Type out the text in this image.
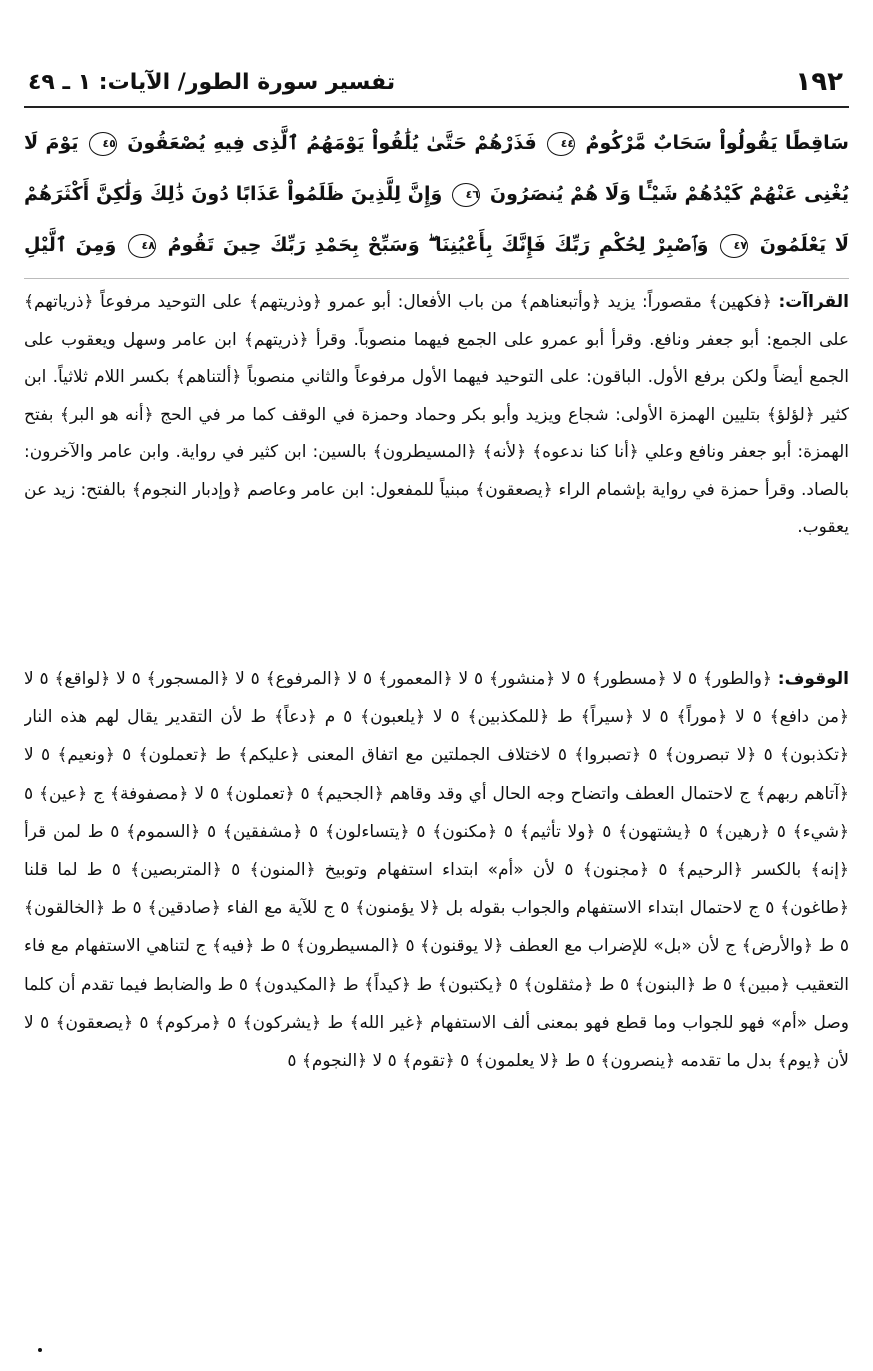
١٩٢
تفسير سورة الطور/ الآيات: ١ ـ ٤٩
سَاقِطًا يَقُولُواْ سَحَابٌ مَّرْكُومٌ ٤٤ فَذَرْهُمْ حَتَّىٰ يُلَٰقُواْ يَوْمَهُمُ ٱلَّذِى فِيهِ يُصْعَقُونَ ٤٥ يَوْمَ لَا يُغْنِى عَنْهُمْ كَيْدُهُمْ شَيْـًٔا وَلَا هُمْ يُنصَرُونَ ٤٦ وَإِنَّ لِلَّذِينَ ظَلَمُواْ عَذَابًا دُونَ ذَٰلِكَ وَلَٰكِنَّ أَكْثَرَهُمْ لَا يَعْلَمُونَ ٤٧ وَٱصْبِرْ لِحُكْمِ رَبِّكَ فَإِنَّكَ بِأَعْيُنِنَا ۖ وَسَبِّحْ بِحَمْدِ رَبِّكَ حِينَ تَقُومُ ٤٨ وَمِنَ ٱلَّيْلِ
القراآت: ﴿فكهين﴾ مقصوراً: يزيد ﴿وأتبعناهم﴾ من باب الأفعال: أبو عمرو ﴿وذريتهم﴾ على التوحيد مرفوعاً ﴿ذرياتهم﴾ على الجمع: أبو جعفر ونافع. وقرأ أبو عمرو على الجمع فيهما منصوباً. وقرأ ﴿ذريتهم﴾ ابن عامر وسهل ويعقوب على الجمع أيضاً ولكن برفع الأول. الباقون: على التوحيد فيهما الأول مرفوعاً والثاني منصوباً ﴿ألتناهم﴾ بكسر اللام ثلاثياً. ابن كثير ﴿لؤلؤ﴾ بتليين الهمزة الأولى: شجاع ويزيد وأبو بكر وحماد وحمزة في الوقف كما مر في الحج ﴿أنه هو البر﴾ بفتح الهمزة: أبو جعفر ونافع وعلي ﴿أنا كنا ندعوه﴾ ﴿لأنه﴾ ﴿المسيطرون﴾ بالسين: ابن كثير في رواية. وابن عامر والآخرون: بالصاد. وقرأ حمزة في رواية بإشمام الراء ﴿يصعقون﴾ مبنياً للمفعول: ابن عامر وعاصم ﴿وإدبار النجوم﴾ بالفتح: زيد عن يعقوب.
الوقوف: ﴿والطور﴾ ٥ لا ﴿مسطور﴾ ٥ لا ﴿منشور﴾ ٥ لا ﴿المعمور﴾ ٥ لا ﴿المرفوع﴾ ٥ لا ﴿المسجور﴾ ٥ لا ﴿لواقع﴾ ٥ لا ﴿من دافع﴾ ٥ لا ﴿موراً﴾ ٥ لا ﴿سيراً﴾ ط ﴿للمكذبين﴾ ٥ لا ﴿يلعبون﴾ ٥ م ﴿دعاً﴾ ط لأن التقدير يقال لهم هذه النار ﴿تكذبون﴾ ٥ ﴿لا تبصرون﴾ ٥ ﴿تصبروا﴾ ٥ لاختلاف الجملتين مع اتفاق المعنى ﴿عليكم﴾ ط ﴿تعملون﴾ ٥ ﴿ونعيم﴾ ٥ لا ﴿آتاهم ربهم﴾ ج لاحتمال العطف واتضاح وجه الحال أي وقد وقاهم ﴿الجحيم﴾ ٥ ﴿تعملون﴾ ٥ لا ﴿مصفوفة﴾ ج ﴿عين﴾ ٥ ﴿شيء﴾ ٥ ﴿رهين﴾ ٥ ﴿يشتهون﴾ ٥ ﴿ولا تأثيم﴾ ٥ ﴿مكنون﴾ ٥ ﴿يتساءلون﴾ ٥ ﴿مشفقين﴾ ٥ ﴿السموم﴾ ٥ ط لمن قرأ ﴿إنه﴾ بالكسر ﴿الرحيم﴾ ٥ ﴿مجنون﴾ ٥ لأن «أم» ابتداء استفهام وتوبيخ ﴿المنون﴾ ٥ ﴿المتربصين﴾ ٥ ط لما قلنا ﴿طاغون﴾ ٥ ج لاحتمال ابتداء الاستفهام والجواب بقوله بل ﴿لا يؤمنون﴾ ٥ ج للآية مع الفاء ﴿صادقين﴾ ٥ ط ﴿الخالقون﴾ ٥ ط ﴿والأرض﴾ ج لأن «بل» للإضراب مع العطف ﴿لا يوقنون﴾ ٥ ﴿المسيطرون﴾ ٥ ط ﴿فيه﴾ ج لتناهي الاستفهام مع فاء التعقيب ﴿مبين﴾ ٥ ط ﴿البنون﴾ ٥ ط ﴿مثقلون﴾ ٥ ﴿يكتبون﴾ ط ﴿كيداً﴾ ط ﴿المكيدون﴾ ٥ ط والضابط فيما تقدم أن كلما وصل «أم» فهو للجواب وما قطع فهو بمعنى ألف الاستفهام ﴿غير الله﴾ ط ﴿يشركون﴾ ٥ ﴿مركوم﴾ ٥ ﴿يصعقون﴾ ٥ لا لأن ﴿يوم﴾ بدل ما تقدمه ﴿ينصرون﴾ ٥ ط ﴿لا يعلمون﴾ ٥ ﴿تقوم﴾ ٥ لا ﴿النجوم﴾ ٥
